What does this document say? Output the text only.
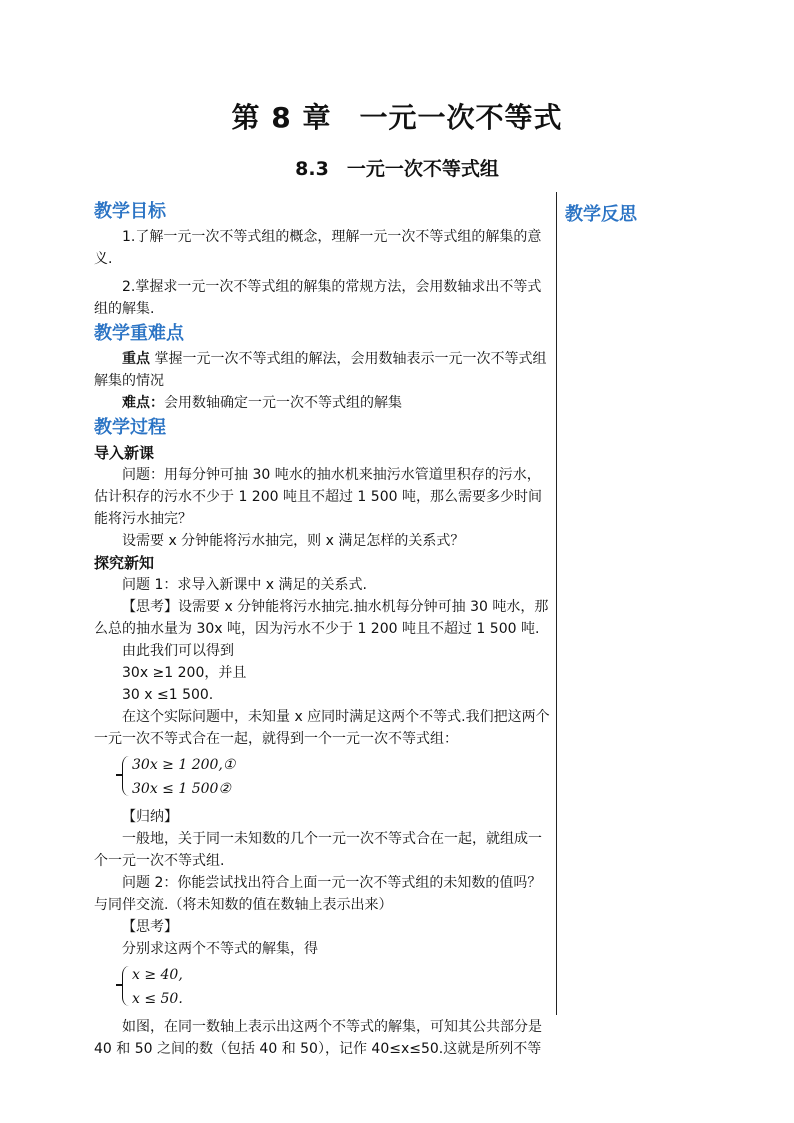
第 8 章 一元一次不等式
8.3 一元一次不等式组
教学反思
教学目标

1.了解一元一次不等式组的概念，理解一元一次不等式组的解集的意义.

2.掌握求一元一次不等式组的解集的常规方法，会用数轴求出不等式组的解集.

教学重难点

重点 掌握一元一次不等式组的解法，会用数轴表示一元一次不等式组解集的情况

难点：会用数轴确定一元一次不等式组的解集

教学过程
导入新课

问题：用每分钟可抽 30 吨水的抽水机来抽污水管道里积存的污水，估计积存的污水不少于 1 200 吨且不超过 1 500 吨，那么需要多少时间能将污水抽完？

设需要 x 分钟能将污水抽完，则 x 满足怎样的关系式？

探究新知

问题 1：求导入新课中 x 满足的关系式.

【思考】设需要 x 分钟能将污水抽完.抽水机每分钟可抽 30 吨水，那么总的抽水量为 30x 吨，因为污水不少于 1 200 吨且不超过 1 500 吨.

由此我们可以得到

30x ≥1 200，并且

30 x ≤1 500.

在这个实际问题中，未知量 x 应同时满足这两个不等式.我们把这两个一元一次不等式合在一起，就得到一个一元一次不等式组：

30x ≥ 1 200,①
30x ≤ 1 500②

【归纳】

一般地，关于同一未知数的几个一元一次不等式合在一起，就组成一个一元一次不等式组.

问题 2：你能尝试找出符合上面一元一次不等式组的未知数的值吗？与同伴交流.（将未知数的值在数轴上表示出来）

【思考】

分别求这两个不等式的解集，得

x ≥ 40,
x ≤ 50.

如图，在同一数轴上表示出这两个不等式的解集，可知其公共部分是 40 和 50 之间的数（包括 40 和 50），记作 40≤x≤50.这就是所列不等
